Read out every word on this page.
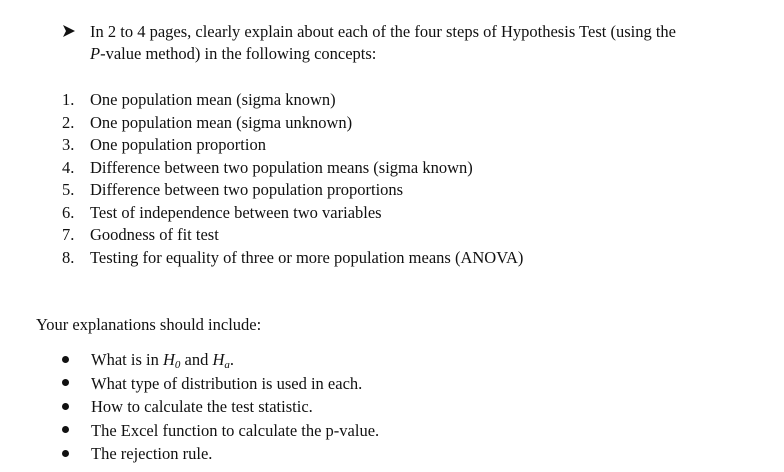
In 2 to 4 pages, clearly explain about each of the four steps of Hypothesis Test (using the
P-value method) in the following concepts:
1. One population mean (sigma known)
2. One population mean (sigma unknown)
3. One population proportion
4. Difference between two population means (sigma known)
5. Difference between two population proportions
6. Test of independence between two variables
7. Goodness of fit test
8. Testing for equality of three or more population means (ANOVA)
Your explanations should include:
What is in H0 and Ha.
What type of distribution is used in each.
How to calculate the test statistic.
The Excel function to calculate the p-value.
The rejection rule.
